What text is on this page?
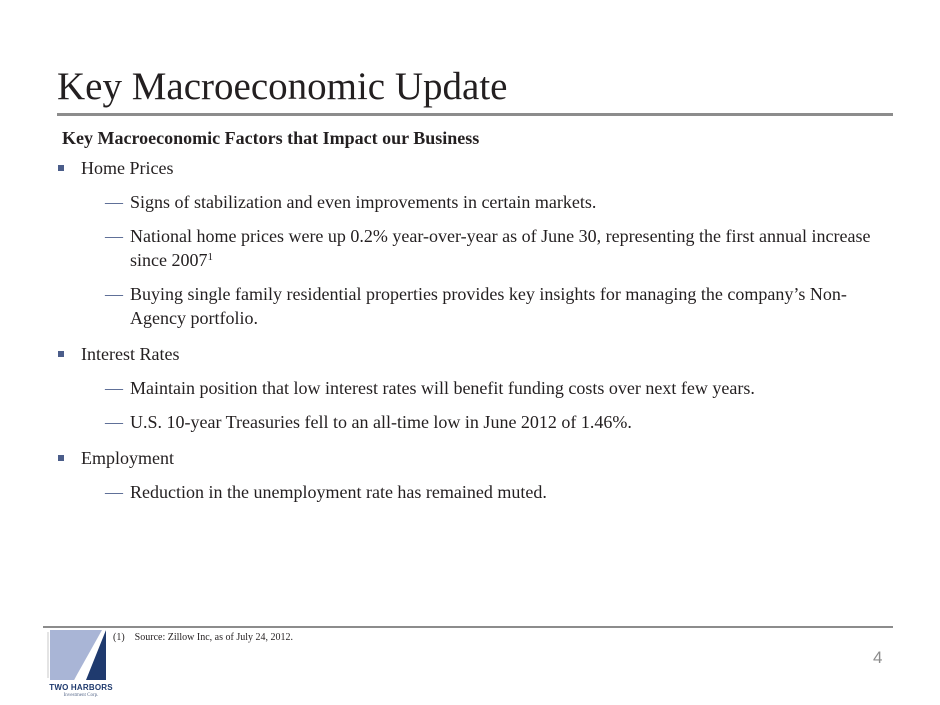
Key Macroeconomic Update
Key Macroeconomic Factors that Impact our Business
Home Prices
— Signs of stabilization and even improvements in certain markets.
— National home prices were up 0.2% year-over-year as of June 30, representing the first annual increase since 2007$^1$
— Buying single family residential properties provides key insights for managing the company’s Non-Agency portfolio.
Interest Rates
— Maintain position that low interest rates will benefit funding costs over next few years.
— U.S. 10-year Treasuries fell to an all-time low in June 2012 of 1.46%.
Employment
— Reduction in the unemployment rate has remained muted.
TWO HARBORS
Investment Corp.
(1) Source: Zillow Inc, as of July 24, 2012.
4
